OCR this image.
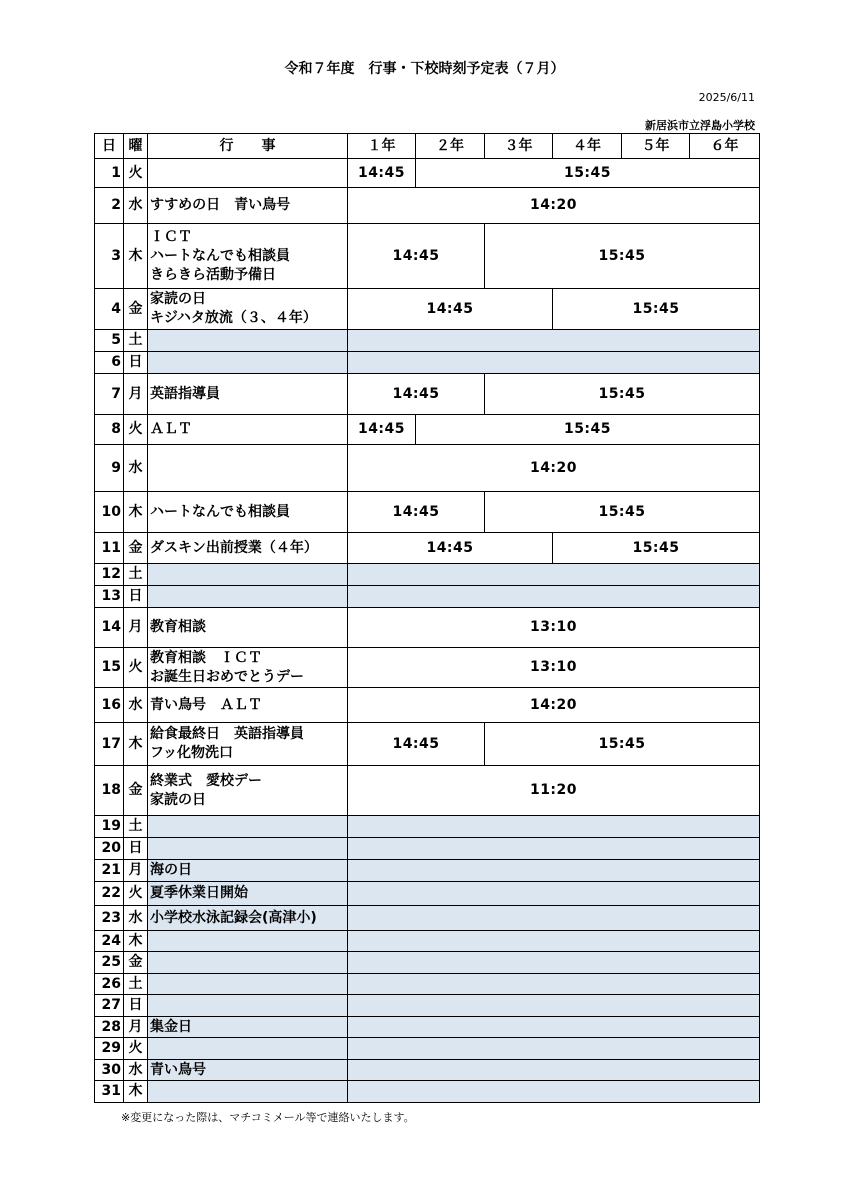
令和７年度　行事・下校時刻予定表（７月）
2025/6/11
新居浜市立浮島小学校
日	曜	行　　事	１年	２年	３年	４年	５年	６年
1	火		14:45	15:45				
2	水	すすめの日　青い鳥号	14:20					
3	木	ＩＣＴ
ハートなんでも相談員
きらきら活動予備日	14:45		15:45			
4	金	家読の日
キジハタ放流（３、４年）	14:45			15:45		
5	土							
6	日							
7	月	英語指導員	14:45		15:45			
8	火	ＡＬＴ	14:45	15:45				
9	水		14:20					
10	木	ハートなんでも相談員	14:45		15:45			
11	金	ダスキン出前授業（４年）	14:45			15:45		
12	土							
13	日							
14	月	教育相談	13:10					
15	火	教育相談　ＩＣＴ
お誕生日おめでとうデー	13:10					
16	水	青い鳥号　ＡＬＴ	14:20					
17	木	給食最終日　英語指導員
フッ化物洗口	14:45		15:45			
18	金	終業式　愛校デー
家読の日	11:20					
19	土							
20	日							
21	月	海の日						

22	火	夏季休業日開始						

23	水	小学校水泳記録会(高津小)						

24	木							
25	金							
26	土							
27	日							
28	月	集金日						

29	火							
30	水	青い鳥号						

31	木							
※変更になった際は、マチコミメール等で連絡いたします。
